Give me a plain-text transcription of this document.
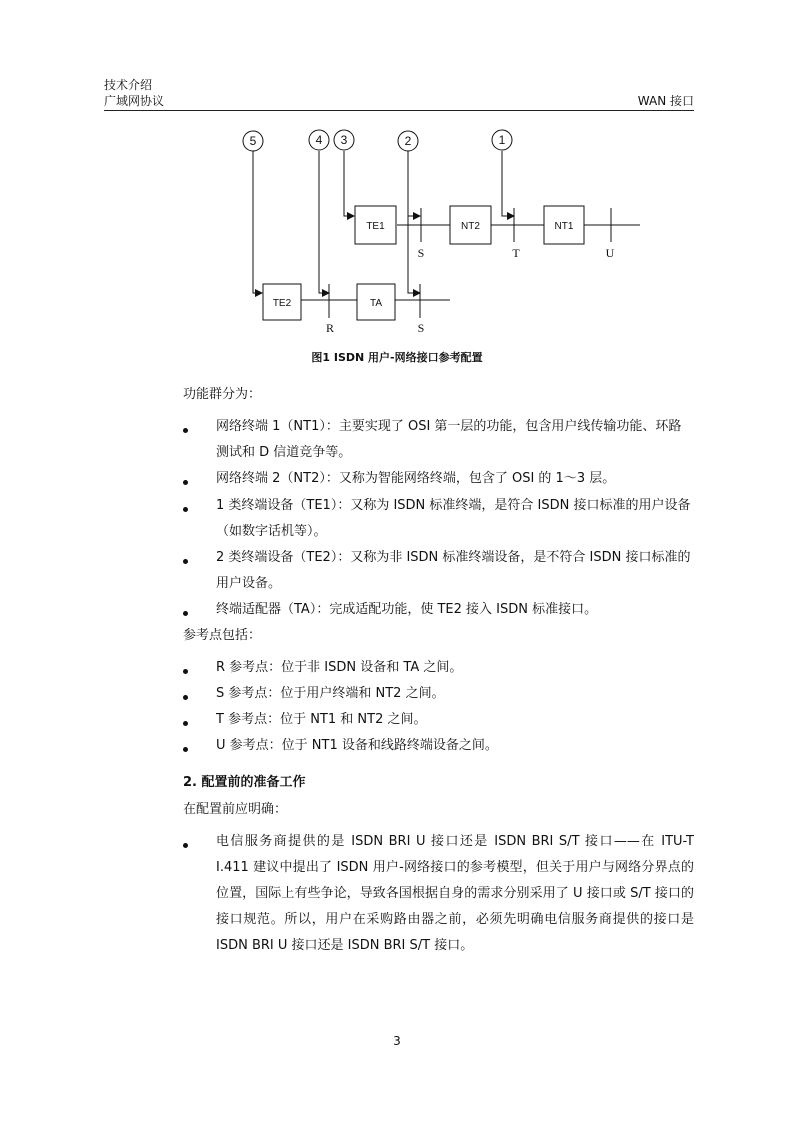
技术介绍
广域网协议	WAN 接口
5	4 3	2	1
TE1	NT2	NT1
TE2	TA
S	T	U
R	S
图1 ISDN 用户-网络接口参考配置
功能群分为：
网络终端 1（NT1）：主要实现了 OSI 第一层的功能，包含用户线传输功能、环路测试和 D 信道竞争等。
网络终端 2（NT2）：又称为智能网络终端，包含了 OSI 的 1～3 层。
1 类终端设备（TE1）：又称为 ISDN 标准终端，是符合 ISDN 接口标准的用户设备（如数字话机等）。
2 类终端设备（TE2）：又称为非 ISDN 标准终端设备，是不符合 ISDN 接口标准的用户设备。
终端适配器（TA）：完成适配功能，使 TE2 接入 ISDN 标准接口。
参考点包括：
R 参考点：位于非 ISDN 设备和 TA 之间。
S 参考点：位于用户终端和 NT2 之间。
T 参考点：位于 NT1 和 NT2 之间。
U 参考点：位于 NT1 设备和线路终端设备之间。
2. 配置前的准备工作
在配置前应明确：
电信服务商提供的是 ISDN BRI U 接口还是 ISDN BRI S/T 接口——在 ITU-T I.411 建议中提出了 ISDN 用户-网络接口的参考模型，但关于用户与网络分界点的位置，国际上有些争论，导致各国根据自身的需求分别采用了 U 接口或 S/T 接口的接口规范。所以，用户在采购路由器之前，必须先明确电信服务商提供的接口是 ISDN BRI U 接口还是 ISDN BRI S/T 接口。
3
